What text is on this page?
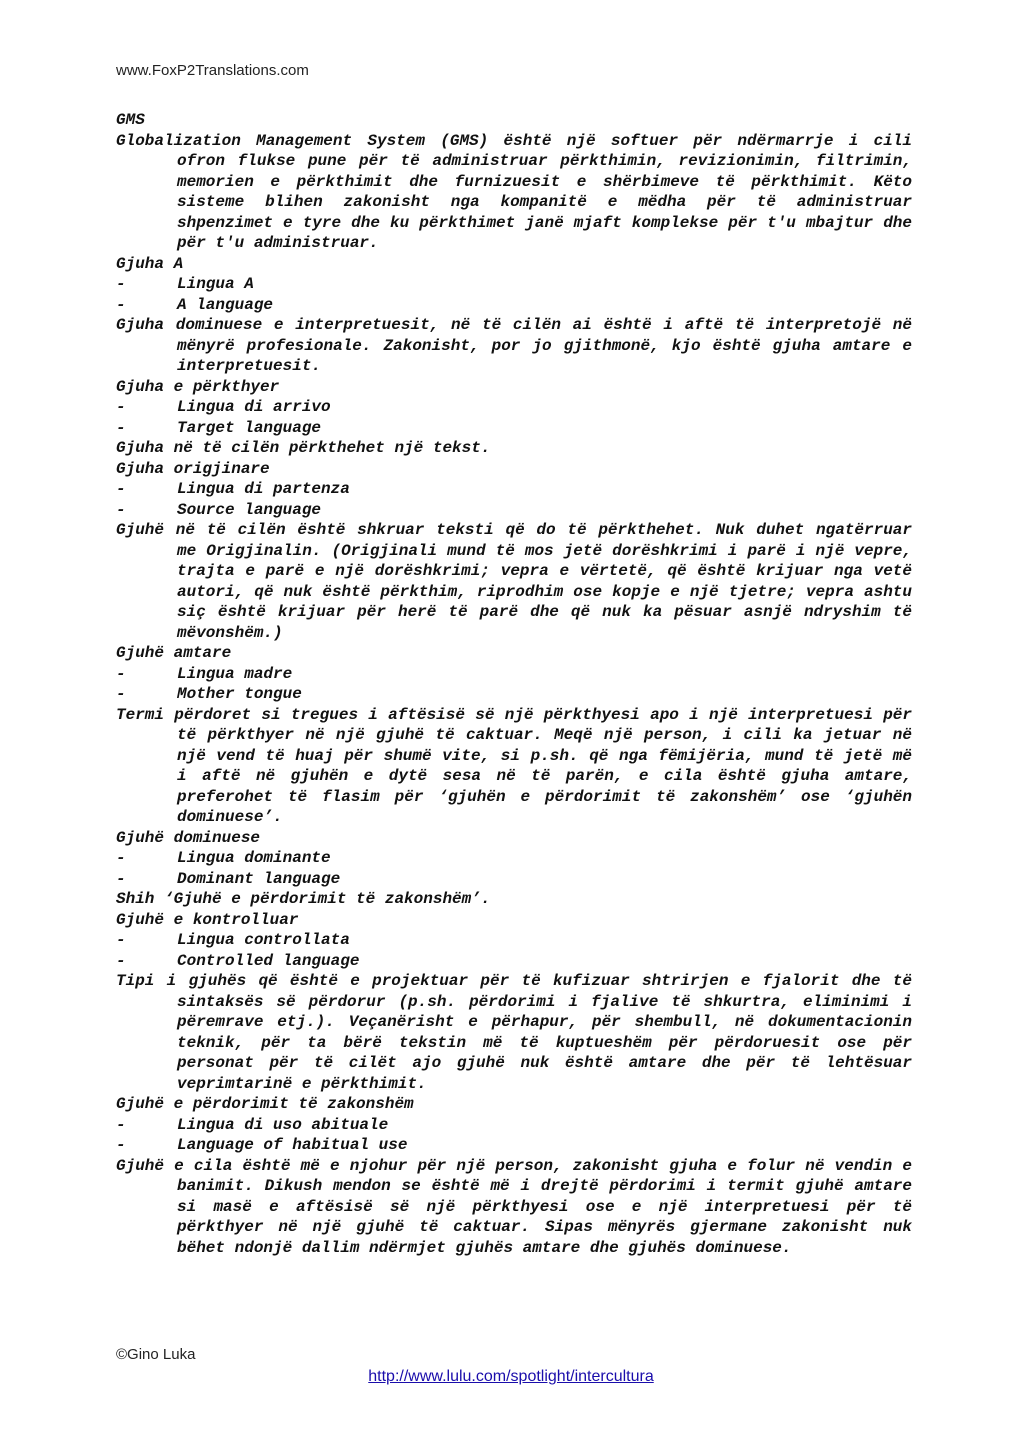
www.FoxP2Translations.com

GMS

Globalization Management System (GMS) është një softuer për ndërmarrje i cili ofron flukse pune për të administruar përkthimin, revizionimin, filtrimin, memorien e përkthimit dhe furnizuesit e shërbimeve të përkthimit. Këto sisteme blihen zakonisht nga kompanitë e mëdha për të administruar shpenzimet e tyre dhe ku përkthimet janë mjaft komplekse për t'u mbajtur dhe për t'u administruar.

Gjuha A

-	Lingua A

-	A language

Gjuha dominuese e interpretuesit, në të cilën ai është i aftë të interpretojë në mënyrë profesionale. Zakonisht, por jo gjithmonë, kjo është gjuha amtare e interpretuesit.

Gjuha e përkthyer

-	Lingua di arrivo

-	Target language

Gjuha në të cilën përkthehet një tekst.

Gjuha origjinare

-	Lingua di partenza

-	Source language

Gjuhë në të cilën është shkruar teksti që do të përkthehet. Nuk duhet ngatërruar me Origjinalin. (Origjinali mund të mos jetë dorëshkrimi i parë i një vepre, trajta e parë e një dorëshkrimi; vepra e vërtetë, që është krijuar nga vetë autori, që nuk është përkthim, riprodhim ose kopje e një tjetre; vepra ashtu siç është krijuar për herë të parë dhe që nuk ka pësuar asnjë ndryshim të mëvonshëm.)

Gjuhë amtare

-	Lingua madre

-	Mother tongue

Termi përdoret si tregues i aftësisë së një përkthyesi apo i një interpretuesi për të përkthyer në një gjuhë të caktuar. Meqë një person, i cili ka jetuar në një vend të huaj për shumë vite, si p.sh. që nga fëmijëria, mund të jetë më i aftë në gjuhën e dytë sesa në të parën, e cila është gjuha amtare, preferohet të flasim për ‘gjuhën e përdorimit të zakonshëm’ ose ‘gjuhën dominuese’.

Gjuhë dominuese

-	Lingua dominante

-	Dominant language

Shih ‘Gjuhë e përdorimit të zakonshëm’.

Gjuhë e kontrolluar

-	Lingua controllata

-	Controlled language

Tipi i gjuhës që është e projektuar për të kufizuar shtrirjen e fjalorit dhe të sintaksës së përdorur (p.sh. përdorimi i fjalive të shkurtra, eliminimi i përemrave etj.). Veçanërisht e përhapur, për shembull, në dokumentacionin teknik, për ta bërë tekstin më të kuptueshëm për përdoruesit ose për personat për të cilët ajo gjuhë nuk është amtare dhe për të lehtësuar veprimtarinë e përkthimit.

Gjuhë e përdorimit të zakonshëm

-	Lingua di uso abituale

-	Language of habitual use

Gjuhë e cila është më e njohur për një person, zakonisht gjuha e folur në vendin e banimit. Dikush mendon se është më i drejtë përdorimi i termit gjuhë amtare si masë e aftësisë së një përkthyesi ose e një interpretuesi për të përkthyer në një gjuhë të caktuar. Sipas mënyrës gjermane zakonisht nuk bëhet ndonjë dallim ndërmjet gjuhës amtare dhe gjuhës dominuese.

©Gino Luka
http://www.lulu.com/spotlight/intercultura
